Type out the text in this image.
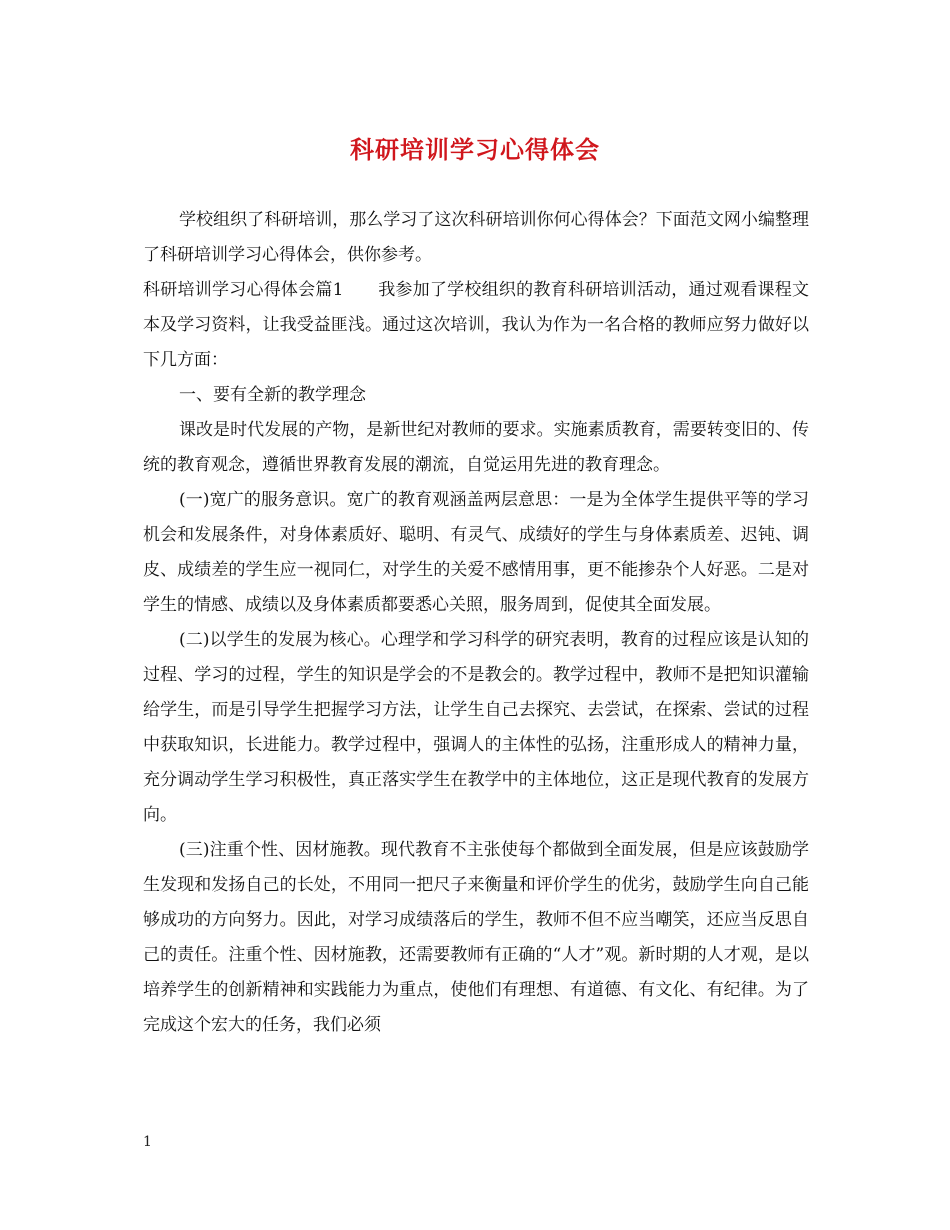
科研培训学习心得体会

学校组织了科研培训，那么学习了这次科研培训你何心得体会？下面范文网小编整理了科研培训学习心得体会，供你参考。

科研培训学习心得体会篇1　　我参加了学校组织的教育科研培训活动，通过观看课程文本及学习资料，让我受益匪浅。通过这次培训，我认为作为一名合格的教师应努力做好以下几方面：

一、要有全新的教学理念

课改是时代发展的产物，是新世纪对教师的要求。实施素质教育，需要转变旧的、传统的教育观念，遵循世界教育发展的潮流，自觉运用先进的教育理念。

(一)宽广的服务意识。宽广的教育观涵盖两层意思：一是为全体学生提供平等的学习机会和发展条件，对身体素质好、聪明、有灵气、成绩好的学生与身体素质差、迟钝、调皮、成绩差的学生应一视同仁，对学生的关爱不感情用事，更不能掺杂个人好恶。二是对学生的情感、成绩以及身体素质都要悉心关照，服务周到，促使其全面发展。

(二)以学生的发展为核心。心理学和学习科学的研究表明，教育的过程应该是认知的过程、学习的过程，学生的知识是学会的不是教会的。教学过程中，教师不是把知识灌输给学生，而是引导学生把握学习方法，让学生自己去探究、去尝试，在探索、尝试的过程中获取知识，长进能力。教学过程中，强调人的主体性的弘扬，注重形成人的精神力量，充分调动学生学习积极性，真正落实学生在教学中的主体地位，这正是现代教育的发展方向。

(三)注重个性、因材施教。现代教育不主张使每个都做到全面发展，但是应该鼓励学生发现和发扬自己的长处，不用同一把尺子来衡量和评价学生的优劣，鼓励学生向自己能够成功的方向努力。因此，对学习成绩落后的学生，教师不但不应当嘲笑，还应当反思自己的责任。注重个性、因材施教，还需要教师有正确的“人才”观。新时期的人才观，是以培养学生的创新精神和实践能力为重点，使他们有理想、有道德、有文化、有纪律。为了完成这个宏大的任务，我们必须

1
